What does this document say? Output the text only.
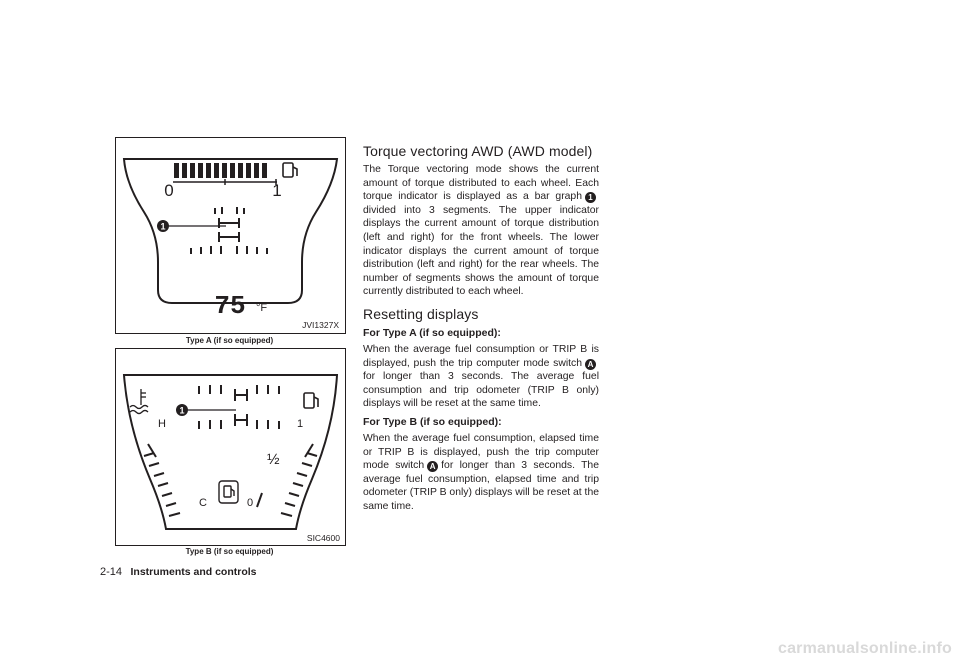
0	1
1
75 °F
JVI1327X
Type A (if so equipped)
1
H
C
1
½
0
SIC4600
Type B (if so equipped)
Torque vectoring AWD (AWD model)

The Torque vectoring mode shows the current amount of torque distributed to each wheel. Each torque indicator is displayed as a bar graph 1divided into 3 segments. The upper indicator displays the current amount of torque distribution (left and right) for the front wheels. The lower indicator displays the current amount of torque distribution (left and right) for the rear wheels. The number of segments shows the amount of torque currently distributed to each wheel.

Resetting displays
For Type A (if so equipped):

When the average fuel consumption or TRIP B is displayed, push the trip computer mode switch Afor longer than 3 seconds. The average fuel consumption and trip odometer (TRIP B only) displays will be reset at the same time.

For Type B (if so equipped):

When the average fuel consumption, elapsed time or TRIP B is displayed, push the trip computer mode switch A for longer than 3 seconds. The average fuel consumption, elapsed time and trip odometer (TRIP B only) displays will be reset at the same time.

2-14 Instruments and controls
carmanualsonline.info
